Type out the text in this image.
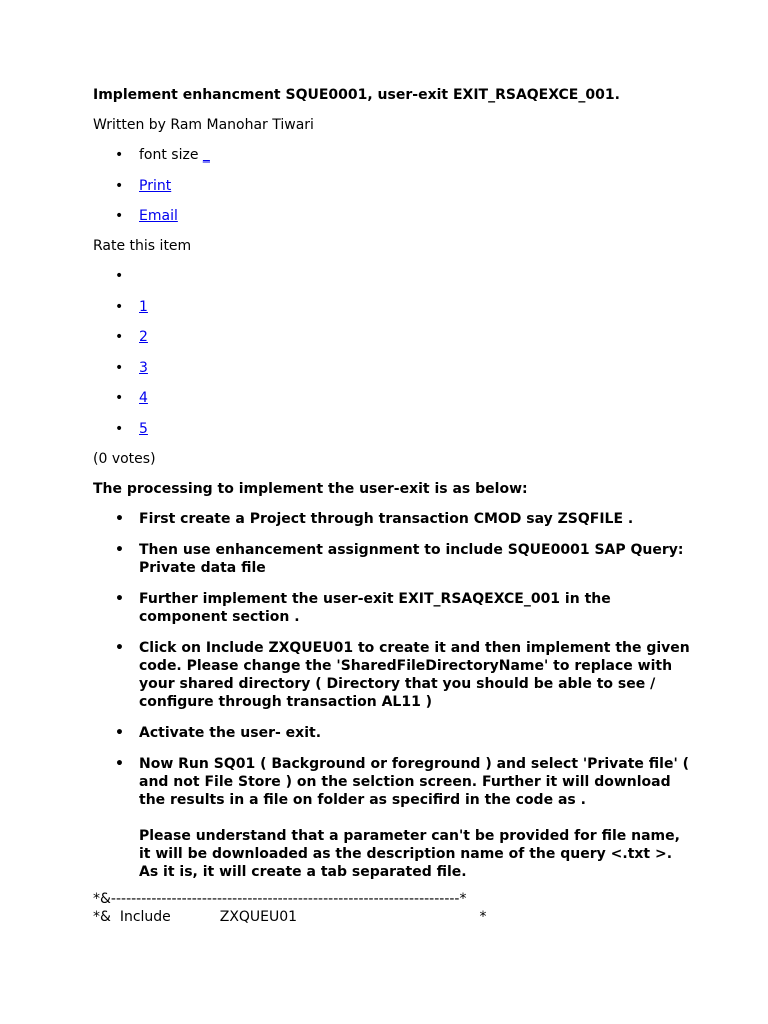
Implement enhancment SQUE0001, user-exit EXIT_RSAQEXCE_001.
Written by Ram Manohar Tiwari
• font size _
• Print
• Email
Rate this item
•
• 1
• 2
• 3
• 4
• 5
(0 votes)
The processing to implement the user-exit is as below:
• First create a Project through transaction CMOD say ZSQFILE .
• Then use enhancement assignment to include SQUE0001 SAP Query: Private data file
• Further implement the user-exit EXIT_RSAQEXCE_001 in the component section .
• Click on Include ZXQUEU01 to create it and then implement the given code. Please change the 'SharedFileDirectoryName' to replace with your shared directory ( Directory that you should be able to see / configure through transaction AL11 )
• Activate the user- exit.
• Now Run SQ01 ( Background or foreground ) and select 'Private file' ( and not File Store ) on the selction screen. Further it will download the results in a file on folder as specifird in the code as .
Please understand that a parameter can't be provided for file name, it will be downloaded as the description name of the query <.txt >. As it is, it will create a tab separated file.
*&---------------------------------------------------------------------*
*&  Include           ZXQUEU01                                         *
